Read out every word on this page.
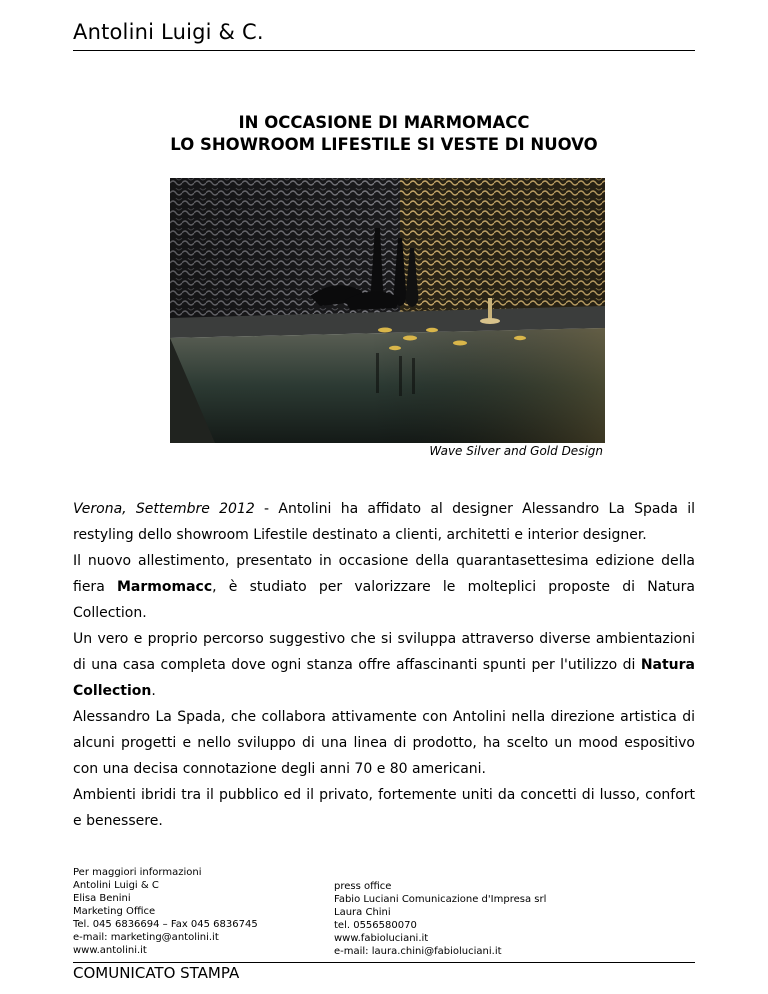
Antolini Luigi & C.
IN OCCASIONE DI MARMOMACC
LO SHOWROOM LIFESTILE SI VESTE DI NUOVO
Wave Silver and Gold Design

Verona, Settembre 2012 - Antolini ha affidato al designer Alessandro La Spada il restyling dello showroom Lifestile destinato a clienti, architetti e interior designer.

Il nuovo allestimento, presentato in occasione della quarantasettesima edizione della fiera Marmomacc, è studiato per valorizzare le molteplici proposte di Natura Collection.

Un vero e proprio percorso suggestivo che si sviluppa attraverso diverse ambientazioni di una casa completa dove ogni stanza offre affascinanti spunti per l'utilizzo di Natura Collection.

Alessandro La Spada, che collabora attivamente con Antolini nella direzione artistica di alcuni progetti e nello sviluppo di una linea di prodotto, ha scelto un mood espositivo con una decisa connotazione degli anni 70 e 80 americani.

Ambienti ibridi tra il pubblico ed il privato, fortemente uniti da concetti di lusso, confort e benessere.

Per maggiori informazioni
Antolini Luigi & C
Elisa Benini
Marketing Office
Tel. 045 6836694 – Fax 045 6836745
e-mail: marketing@antolini.it
www.antolini.it
press office
Fabio Luciani Comunicazione d'Impresa srl
Laura Chini
tel. 0556580070
www.fabioluciani.it
e-mail: laura.chini@fabioluciani.it
COMUNICATO STAMPA
